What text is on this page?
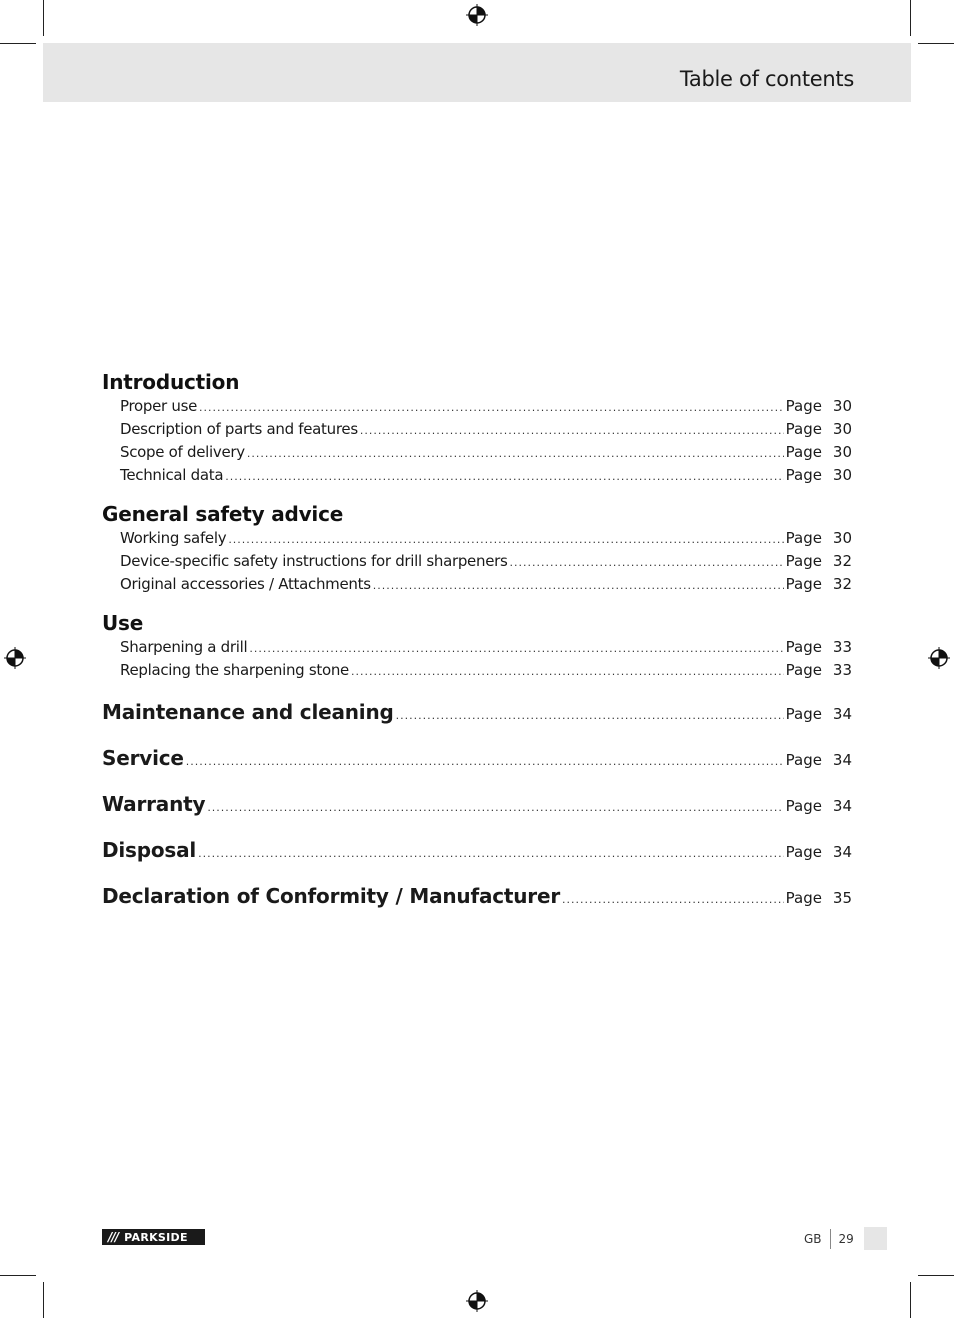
Table of contents
Introduction
Proper use .....	Page 30
Description of parts and features .....	Page 30
Scope of delivery .....	Page 30
Technical data .....	Page 30
General safety advice
Working safely .....	Page 30
Device-specific safety instructions for drill sharpeners .....	Page 32
Original accessories / Attachments .....	Page 32
Use
Sharpening a drill .....	Page 33
Replacing the sharpening stone .....	Page 33
Maintenance and cleaning .....	Page 34
Service .....	Page 34
Warranty .....	Page 34
Disposal .....	Page 34
Declaration of Conformity / Manufacturer .....	Page 35
/// PARKSIDE	GB	29
